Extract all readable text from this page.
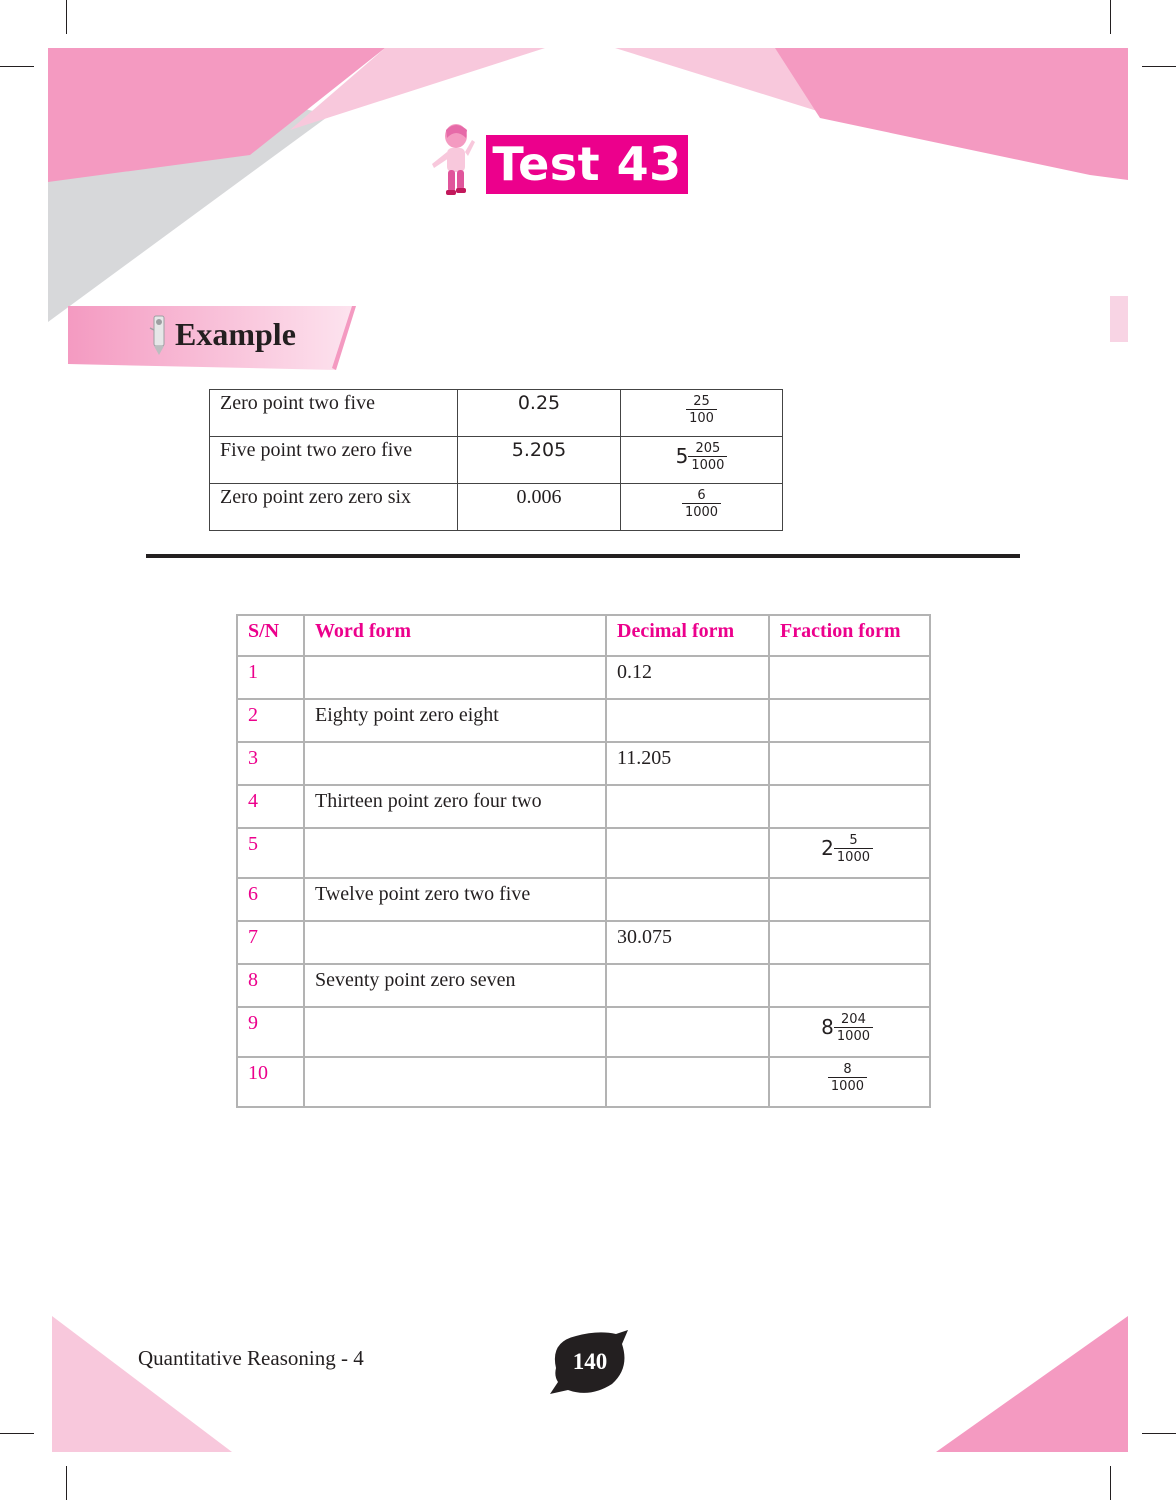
Test 43
Example
Zero point two five	0.25	$\frac{25}{100}$

Five point two zero five	5.205	$5 \frac{205}{1000}$

Zero point zero zero six	0.006	$\frac{6}{1000}$
S/N	Word form	Decimal form	Fraction form
1		0.12	
2	Eighty point zero eight		
3		11.205	
4	Thirteen point zero four two		
5			$2 \frac{5}{1000}$

6	Twelve point zero two five		
7		30.075	
8	Seventy point zero seven		
9			$8 \frac{204}{1000}$

10			$\frac{8}{1000}$
Quantitative Reasoning - 4	140
